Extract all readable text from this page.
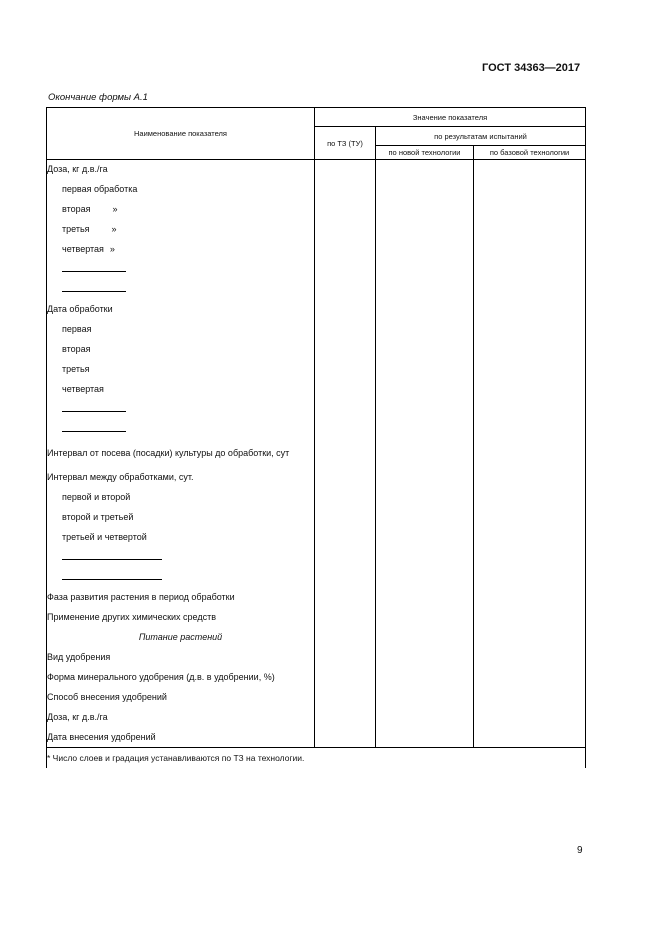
ГОСТ 34363—2017
Окончание формы А.1
Наименование показателя	Значение показателя		
	по ТЗ (ТУ)	по результатам испытаний	
		по новой технологии	по базовой технологии
Доза, кг д.в./га			
первая обработка			
вторая »			
третья »			
четвертая »			

Дата обработки			
первая			
вторая			
третья			
четвертая			

Интервал от посева (посадки) культуры до обработки, сут			
Интервал между обработками, сут.			
первой и второй			
второй и третьей			
третьей и четвертой			

Фаза развития растения в период обработки			
Применение других химических средств			
Питание растений			
Вид удобрения			
Форма минерального удобрения (д.в. в удобрении, %)			
Способ внесения удобрений			
Доза, кг д.в./га			
Дата внесения удобрений			
* Число слоев и градация устанавливаются по ТЗ на технологии.			
9
